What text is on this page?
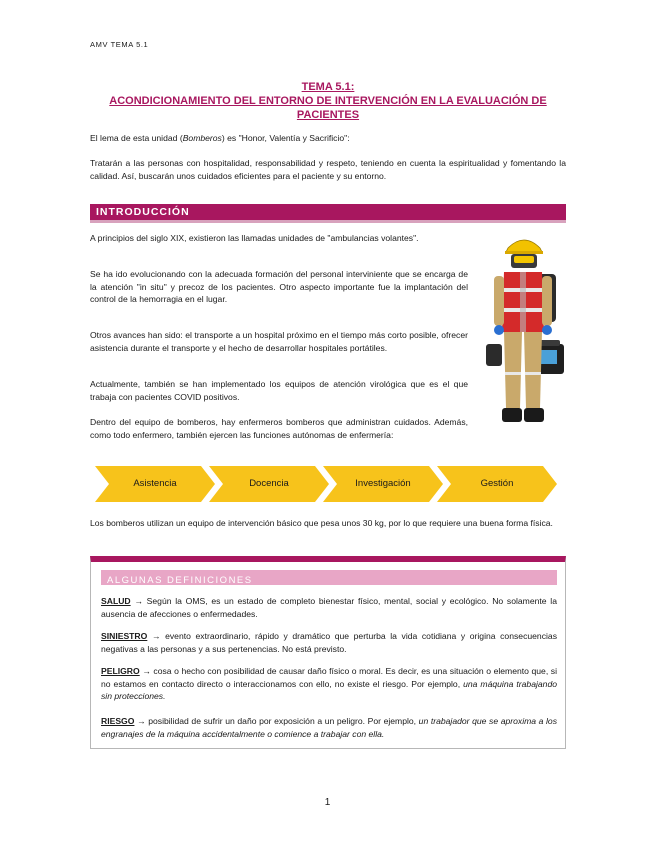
AMV TEMA 5.1
TEMA 5.1:
ACONDICIONAMIENTO DEL ENTORNO DE INTERVENCIÓN EN LA EVALUACIÓN DE
PACIENTES
El lema de esta unidad (Bomberos) es "Honor, Valentía y Sacrificio":
Tratarán a las personas con hospitalidad, responsabilidad y respeto, teniendo en cuenta la espiritualidad y fomentando la calidad. Así, buscarán unos cuidados eficientes para el paciente y su entorno.
INTRODUCCIÓN
A principios del siglo XIX, existieron las llamadas unidades de "ambulancias volantes".
Se ha ido evolucionando con la adecuada formación del personal interviniente que se encarga de la atención "in situ" y precoz de los pacientes. Otro aspecto importante fue la implantación del control de la hemorragia en el lugar.
Otros avances han sido: el transporte a un hospital próximo en el tiempo más corto posible, ofrecer asistencia durante el transporte y el hecho de desarrollar hospitales portátiles.
Actualmente, también se han implementado los equipos de atención virológica que es el que trabaja con pacientes COVID positivos.
Dentro del equipo de bomberos, hay enfermeros bomberos que administran cuidados. Además, como todo enfermero, también ejercen las funciones autónomas de enfermería:
Asistencia	Docencia	Investigación	Gestión
Los bomberos utilizan un equipo de intervención básico que pesa unos 30 kg, por lo que requiere una buena forma física.
ALGUNAS DEFINICIONES
SALUD → Según la OMS, es un estado de completo bienestar físico, mental, social y ecológico. No solamente la ausencia de afecciones o enfermedades.
SINIESTRO → evento extraordinario, rápido y dramático que perturba la vida cotidiana y origina consecuencias negativas a las personas y a sus pertenencias. No está previsto.
PELIGRO → cosa o hecho con posibilidad de causar daño físico o moral. Es decir, es una situación o elemento que, si no estamos en contacto directo o interaccionamos con ello, no existe el riesgo. Por ejemplo, una máquina trabajando sin protecciones.
RIESGO → posibilidad de sufrir un daño por exposición a un peligro. Por ejemplo, un trabajador que se aproxima a los engranajes de la máquina accidentalmente o comience a trabajar con ella.
1
